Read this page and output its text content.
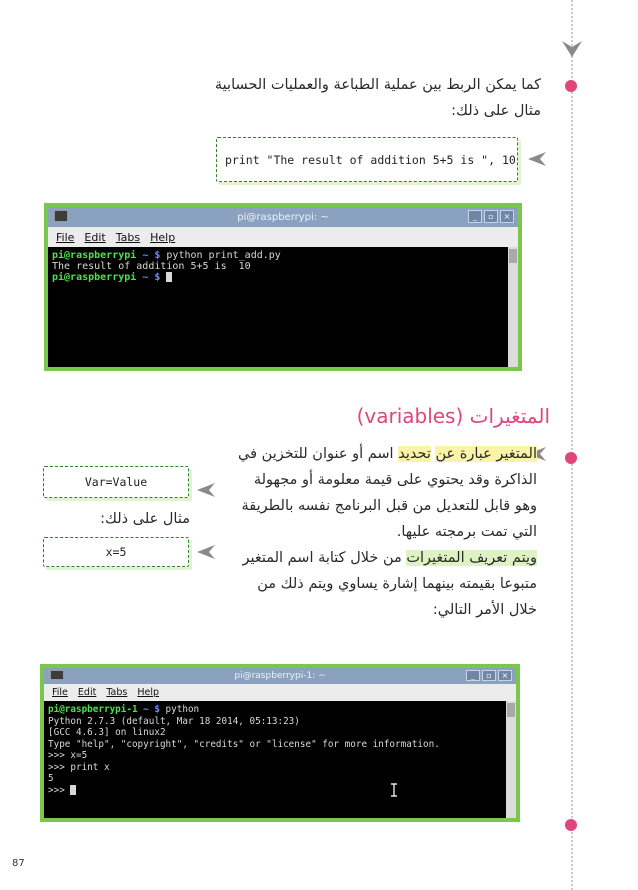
كما يمكن الربط بين عملية الطباعة والعمليات الحسابية
مثال على ذلك:
print "The result of addition 5+5 is ", 10
pi@raspberrypi: ~	_	▫	×
File Edit Tabs Help
pi@raspberrypi ~ $ python print_add.py
The result of addition 5+5 is  10
pi@raspberrypi ~ $
المتغيرات (variables)
المتغير عبارة عن تحديد اسم أو عنوان للتخزين في
الذاكرة وقد يحتوي على قيمة معلومة أو مجهولة
وهو قابل للتعديل من قبل البرنامج نفسه بالطريقة
التي تمت برمجته عليها.
ويتم تعريف المتغيرات من خلال كتابة اسم المتغير
متبوعا بقيمته بينهما إشارة يساوي ويتم ذلك من
خلال الأمر التالي:
Var=Value
مثال على ذلك:
x=5
pi@raspberrypi-1: ~	_	▫	×
File Edit Tabs Help
pi@raspberrypi-1 ~ $ python
Python 2.7.3 (default, Mar 18 2014, 05:13:23)
[GCC 4.6.3] on linux2
Type "help", "copyright", "credits" or "license" for more information.
>>> x=5
>>> print x
5
>>>
87
